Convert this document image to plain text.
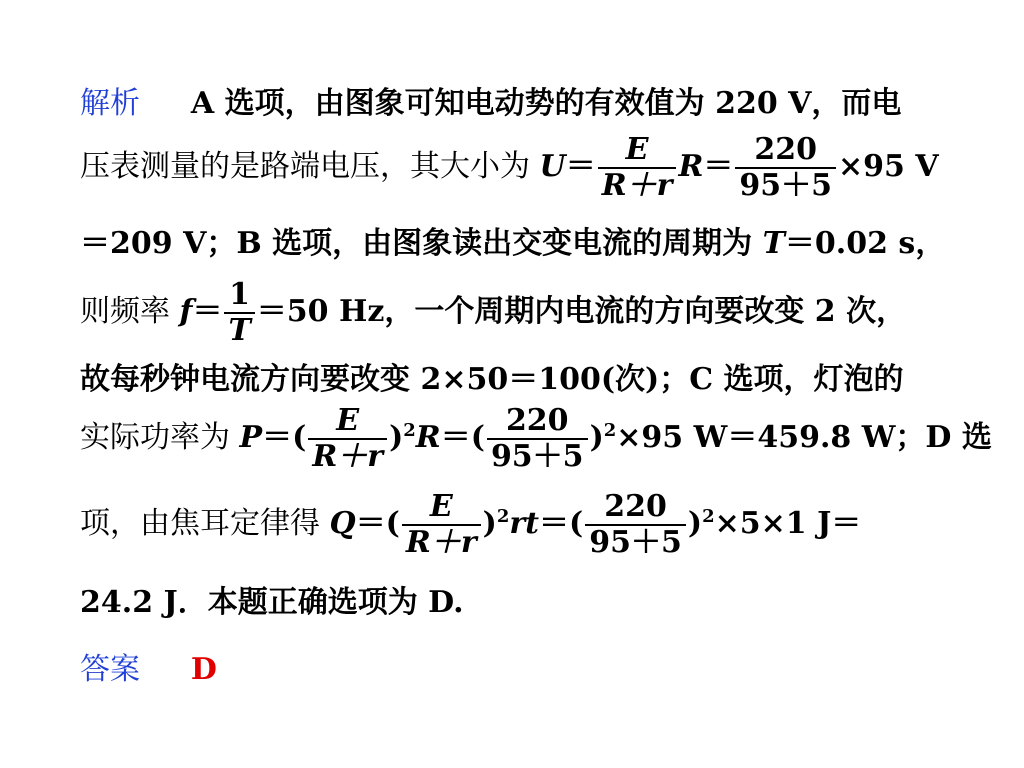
解析 A 选项，由图象可知电动势的有效值为 220 V，而电
压表测量的是路端电压，其大小为 $U= \frac{E}{R+r} R= \frac{220}{95+5} \times 95$ V
＝209 V；B 选项，由图象读出交变电流的周期为 T＝0.02 s，
则频率 $f= \frac{1}{T} =50$ Hz，一个周期内电流的方向要改变 2 次，
故每秒钟电流方向要改变 2×50＝100(次)；C 选项，灯泡的
实际功率为 $P=( \frac{E}{R+r} )^2R=( \frac{220}{95+5} )^2\times 95$ W＝459.8 W；D 选
项，由焦耳定律得 $Q=( \frac{E}{R+r} )^2rt=( \frac{220}{95+5} )^2\times 5\times 1$ J＝
24.2 J．本题正确选项为 D.
答案 D
